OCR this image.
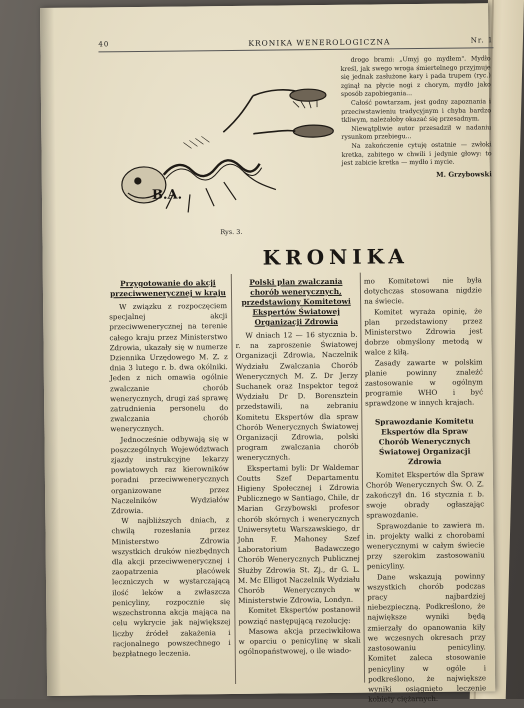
40	KRONIKA WENEROLOGICZNA	Nr. 1
B.A.
Rys. 3.

drogo brami: „Umyj go mydłem". Mydło kreśl, jak swego wroga śmiertelnego przyjmuje się jednak zasłużone kary i pada trupem (ryc.) zginął na płycie nogi z chorym, mydło jako sposób zapobiegania...

Całość powtarzam, jest godny zapoznania i przeciwstawieniu tradycyjnym i chyba bardzo tkliwym, należałoby okazać się przesadnym.

Niewątpliwie autor przesadził w nadaniu rysunkom przebiegu...

Na zakończenie cytuję ostatnie — zwłoki kretka, zabitego w chwili i jedynie głowy: to jest zabicie kretka — mydło i mycie.

M. Grzybowski
KRONIKA
Przygotowanie do akcji przeciwwenerycznej w kraju

W związku z rozpoczęciem specjalnej akcji przeciwwenerycznej na terenie całego kraju przez Ministerstwo Zdrowia, ukazały się w numerze Dziennika Urzędowego M. Z. z dnia 3 lutego r. b. dwa okólniki. Jeden z nich omawia ogólnie zwalczanie chorób wenerycznych, drugi zaś sprawę zatrudnienia personelu do zwalczania chorób wenerycznych.

Jednocześnie odbywają się w poszczególnych Województwach zjazdy instrukcyjne lekarzy powiatowych raz kierowników poradni przeciwwenerycznych organizowane przez Naczelników Wydziałów Zdrowia.

W najbliższych dniach, z chwilą rozesłania przez Ministerstwo Zdrowia wszystkich druków niezbędnych dla akcji przeciwwenerycznej i zaopatrzenia placówek leczniczych w wystarczającą ilość leków a zwłaszcza penicyliny, rozpocznie się wszechstronna akcja mająca na celu wykrycie jak największej liczby źródeł zakażenia i racjonalnego powszechnego i bezpłatnego leczenia.

Polski plan zwalczania chorób wenerycznych, przedstawiony Komitetowi Ekspertów Światowej Organizacji Zdrowia

W dniach 12 — 16 stycznia b. r. na zaproszenie Światowej Organizacji Zdrowia, Naczelnik Wydziału Zwalczania Chorób Wenerycznych M. Z. Dr Jerzy Suchanek oraz Inspektor tegoż Wydziału Dr D. Borensztein przedstawili, na zebraniu Komitetu Ekspertów dla spraw Chorób Wenerycznych Światowej Organizacji Zdrowia, polski program zwalczania chorób wenerycznych.

Ekspertami byli: Dr Waldemar Coutts Szef Departamentu Higieny Społecznej i Zdrowia Publicznego w Santiago, Chile, dr Marian Grzybowski profesor chorób skórnych i wenerycznych Uniwersytetu Warszawskiego, dr John F. Mahoney Szef Laboratorium Badawczego Chorób Wenerycznych Publicznej Służby Zdrowia St. Zj., dr G. L. M. Mc Elligot Naczelnik Wydziału Chorób Wenerycznych w Ministerstwie Zdrowia, Londyn.

Komitet Ekspertów postanowił powziąć następującą rezolucję:

Masowa akcja przeciwkiłowa w oparciu o penicylinę w skali ogólnopaństwowej, o ile wiado-

mo Komitetowi nie była dotychczas stosowana nigdzie na świecie.

Komitet wyraża opinię, że plan przedstawiony przez Ministerstwo Zdrowia jest dobrze obmyślony metodą w walce z kiłą.

Zasady zawarte w polskim planie powinny znaleźć zastosowanie w ogólnym programie WHO i być sprawdzone w innych krajach.

Sprawozdanie Komitetu Ekspertów dla Spraw Chorób Wenerycznych Światowej Organizacji Zdrowia

Komitet Ekspertów dla Spraw Chorób Wenerycznych Św. O. Z. zakończył dn. 16 stycznia r. b. swoje obrady ogłaszając sprawozdanie.

Sprawozdanie to zawiera m. in. projekty walki z chorobami wenerycznymi w całym świecie przy szerokim zastosowaniu penicyliny.

Dane wskazują powinny wszystkich chorób podczas pracy najbardziej niebezpieczną. Podkreślono, że największe wyniki będą zmierzały do opanowania kiły we wczesnych okresach przy zastosowaniu penicyliny. Komitet zaleca stosowanie penicyliny w ogóle i podkreślono, że największe wyniki osiągnięto leczenie kobiety ciężarnych.
